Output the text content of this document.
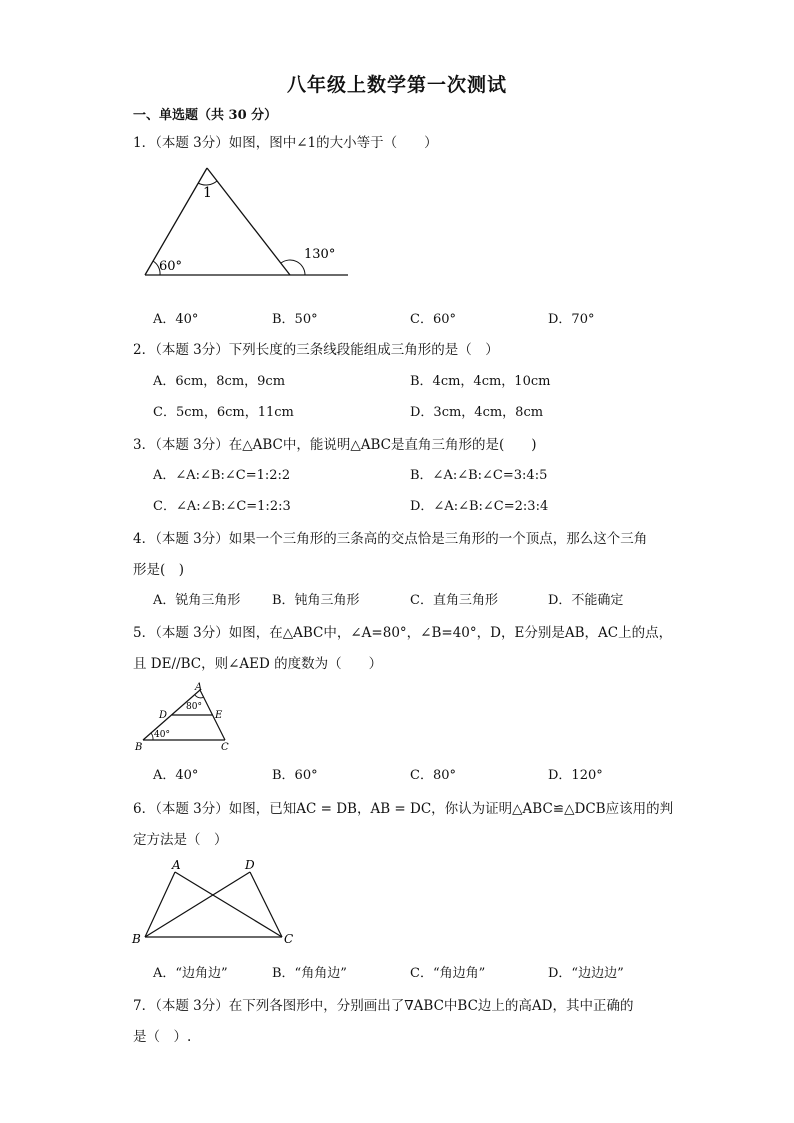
八年级上数学第一次测试
一、单选题（共 30 分）
1．（本题 3分）如图，图中∠1的大小等于（　　）
1
60°
130°
A．40°	B．50°	C．60°	D．70°
2．（本题 3分）下列长度的三条线段能组成三角形的是（　）
A．6cm，8cm，9cm	B．4cm，4cm，10cm
C．5cm，6cm，11cm	D．3cm，4cm，8cm
3．（本题 3分）在△ABC中，能说明△ABC是直角三角形的是(　　)
A．∠A:∠B:∠C=1:2:2	B．∠A:∠B:∠C=3:4:5
C．∠A:∠B:∠C=1:2:3	D．∠A:∠B:∠C=2:3:4
4．（本题 3分）如果一个三角形的三条高的交点恰是三角形的一个顶点，那么这个三角
形是(　)
A．锐角三角形 B．钝角三角形	C．直角三角形	D．不能确定
5．（本题 3分）如图，在△ABC中，∠A=80°，∠B=40°，D，E分别是AB，AC上的点，
且 DE//BC，则∠AED 的度数为（　　）
A
B	C
D	E
80°
40°
A．40°	B．60°	C．80°	D．120°
6．（本题 3分）如图，已知AC = DB，AB = DC，你认为证明△ABC≌△DCB应该用的判
定方法是（　）
A	D
B	C
A．“边角边”	B．“角角边”	C．“角边角”	D．“边边边”
7．（本题 3分）在下列各图形中，分别画出了∇ABC中BC边上的高AD，其中正确的
是（　）.
